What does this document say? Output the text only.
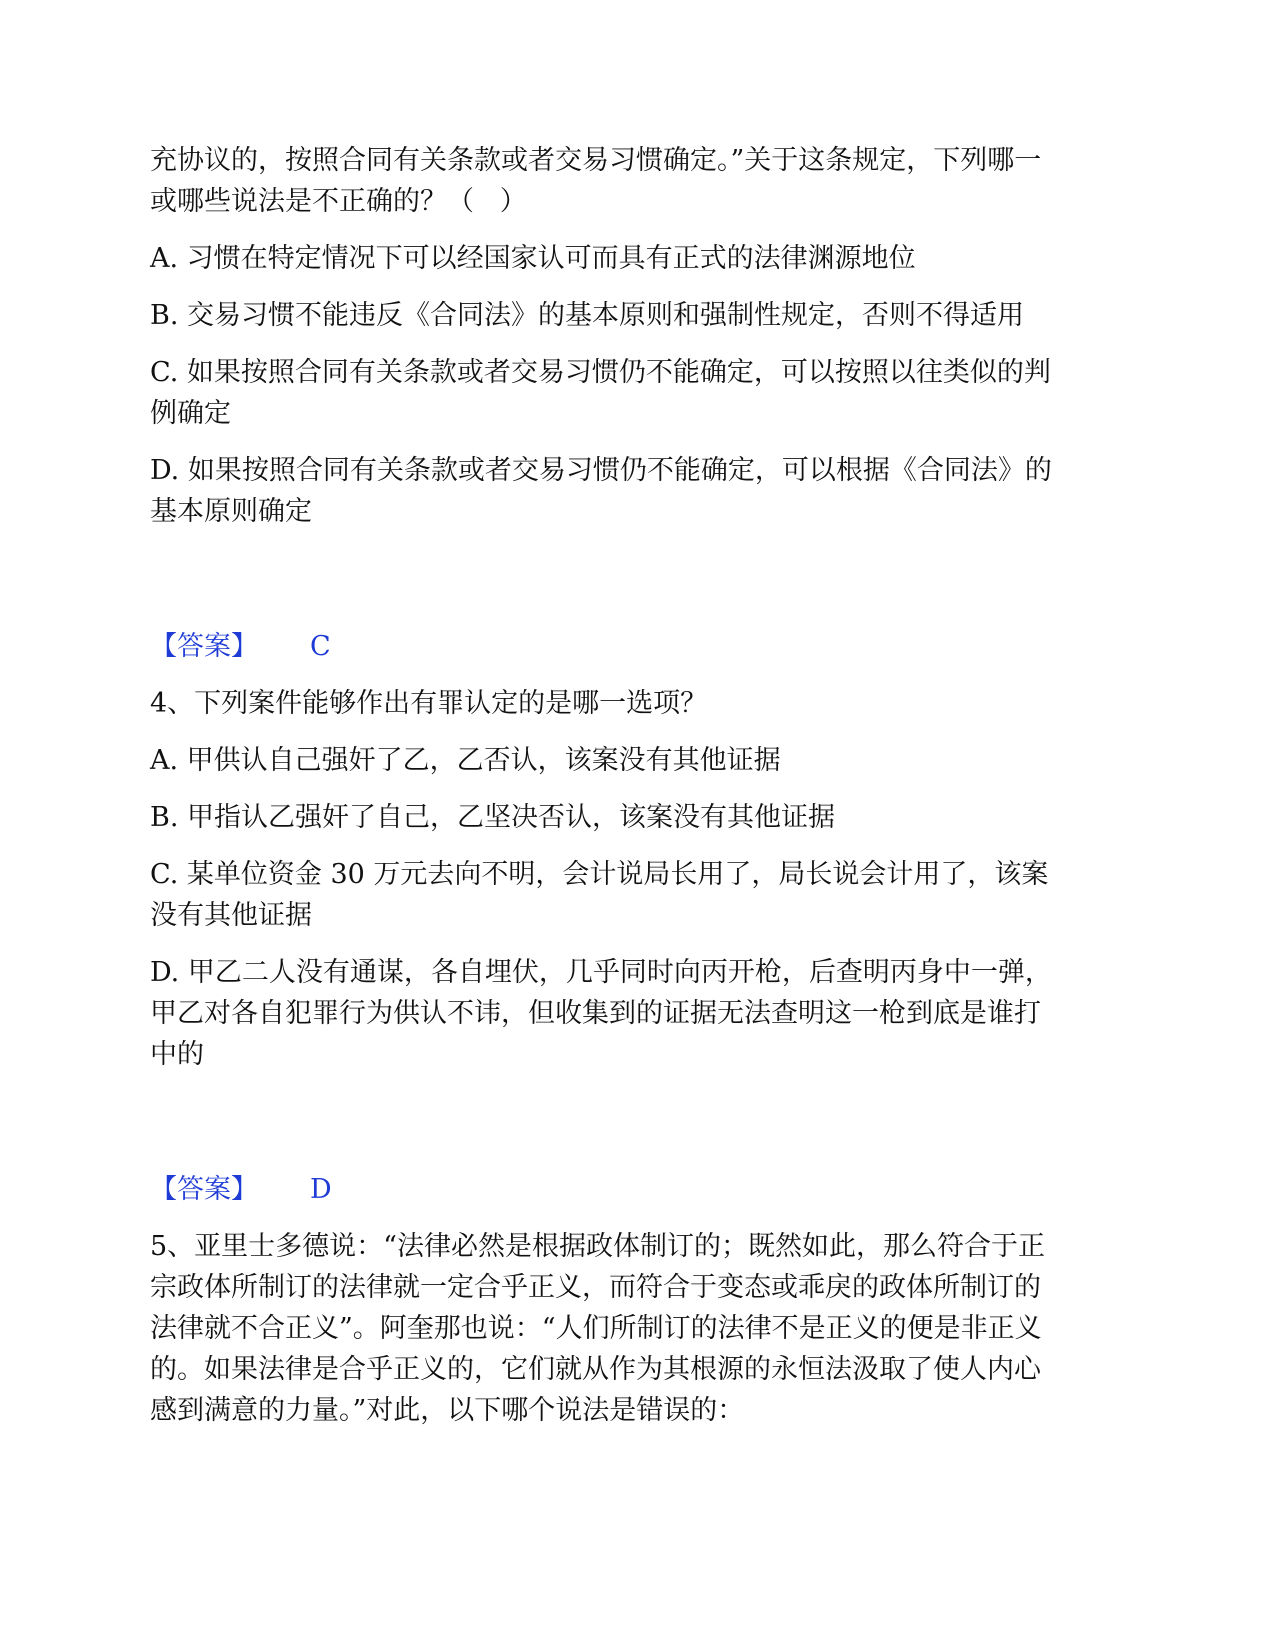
充协议的，按照合同有关条款或者交易习惯确定。”关于这条规定，下列哪一

或哪些说法是不正确的？（   ）

A. 习惯在特定情况下可以经国家认可而具有正式的法律渊源地位

B. 交易习惯不能违反《合同法》的基本原则和强制性规定，否则不得适用

C. 如果按照合同有关条款或者交易习惯仍不能确定，可以按照以往类似的判

例确定

D. 如果按照合同有关条款或者交易习惯仍不能确定，可以根据《合同法》的

基本原则确定

【答案】 C

4、下列案件能够作出有罪认定的是哪一选项？

A. 甲供认自己强奸了乙，乙否认，该案没有其他证据

B. 甲指认乙强奸了自己，乙坚决否认，该案没有其他证据

C. 某单位资金 30 万元去向不明，会计说局长用了，局长说会计用了，该案

没有其他证据

D. 甲乙二人没有通谋，各自埋伏，几乎同时向丙开枪，后查明丙身中一弹，

甲乙对各自犯罪行为供认不讳，但收集到的证据无法查明这一枪到底是谁打

中的

【答案】 D

5、亚里士多德说：“法律必然是根据政体制订的；既然如此，那么符合于正

宗政体所制订的法律就一定合乎正义，而符合于变态或乖戾的政体所制订的

法律就不合正义”。阿奎那也说：“人们所制订的法律不是正义的便是非正义

的。如果法律是合乎正义的，它们就从作为其根源的永恒法汲取了使人内心

感到满意的力量。”对此，以下哪个说法是错误的：
